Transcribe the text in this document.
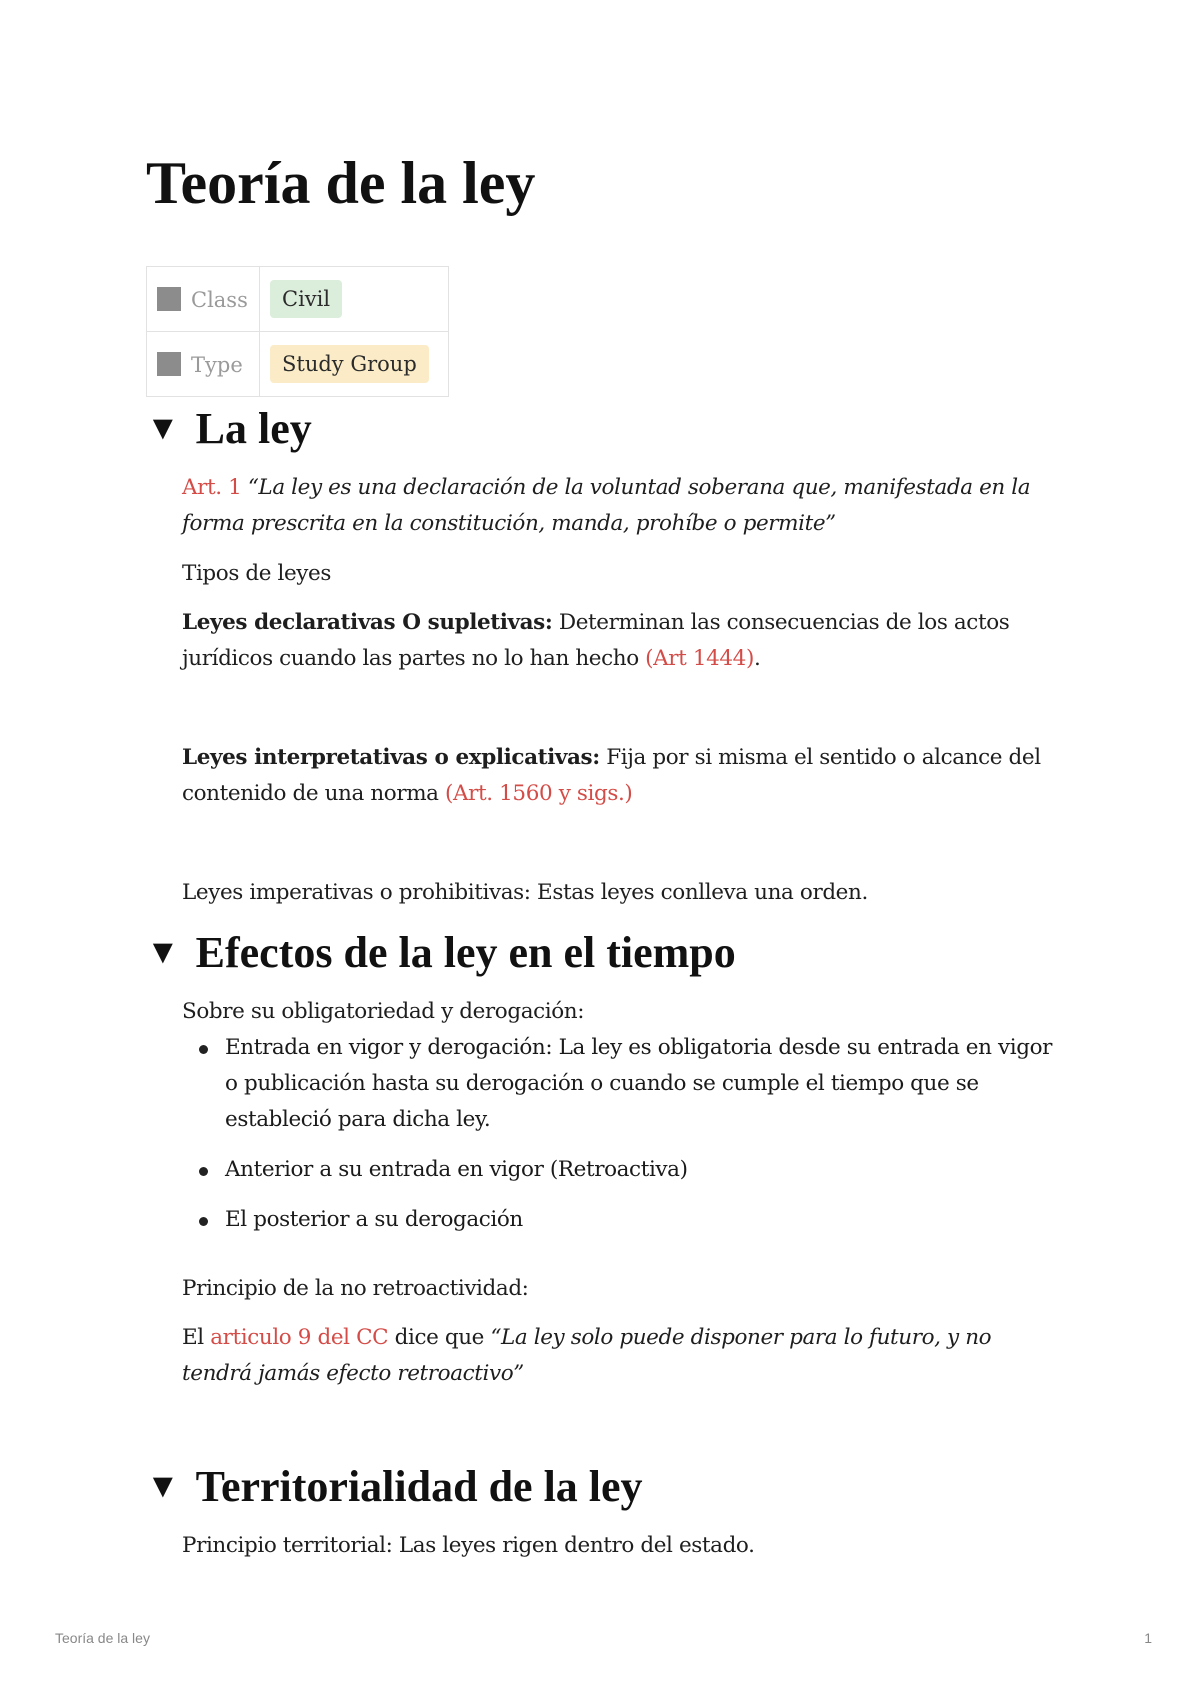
Teoría de la ley
Class	Civil
Type	Study Group
▼ La ley

Art. 1 “La ley es una declaración de la voluntad soberana que, manifestada en la forma prescrita en la constitución, manda, prohíbe o permite”

Tipos de leyes

Leyes declarativas O supletivas: Determinan las consecuencias de los actos jurídicos cuando las partes no lo han hecho (Art 1444).

Leyes interpretativas o explicativas: Fija por si misma el sentido o alcance del contenido de una norma (Art. 1560 y sigs.)

Leyes imperativas o prohibitivas: Estas leyes conlleva una orden.

▼ Efectos de la ley en el tiempo

Sobre su obligatoriedad y derogación:

Entrada en vigor y derogación: La ley es obligatoria desde su entrada en vigor o publicación hasta su derogación o cuando se cumple el tiempo que se estableció para dicha ley.
Anterior a su entrada en vigor (Retroactiva)
El posterior a su derogación

Principio de la no retroactividad:

El articulo 9 del CC dice que “La ley solo puede disponer para lo futuro, y no tendrá jamás efecto retroactivo”

▼ Territorialidad de la ley

Principio territorial: Las leyes rigen dentro del estado.

Teoría de la ley	1
